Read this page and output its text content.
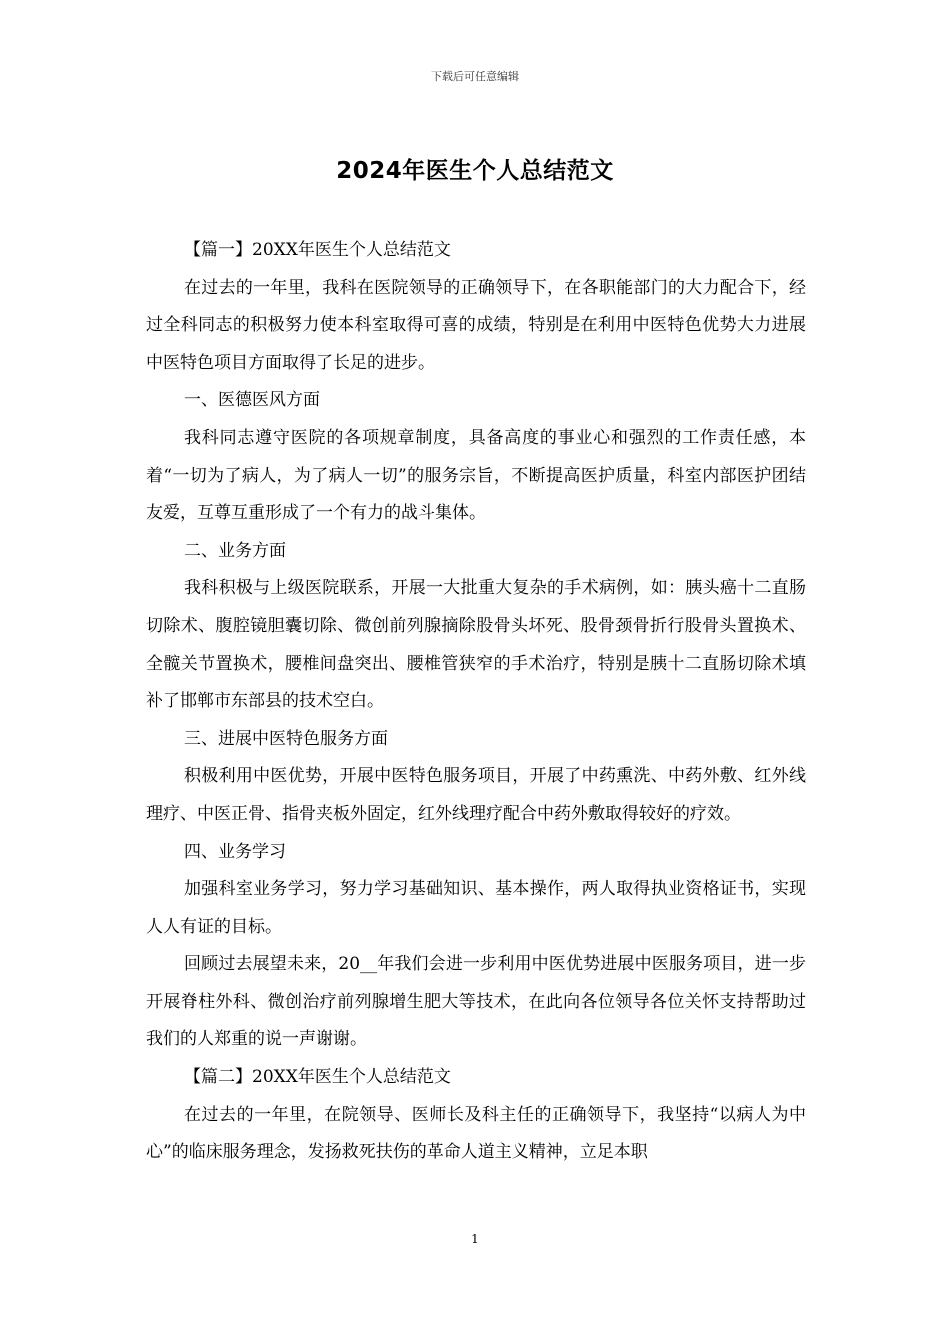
下载后可任意编辑
2024年医生个人总结范文

【篇一】20XX年医生个人总结范文

在过去的一年里，我科在医院领导的正确领导下，在各职能部门的大力配合下，经过全科同志的积极努力使本科室取得可喜的成绩，特别是在利用中医特色优势大力进展中医特色项目方面取得了长足的进步。

一、医德医风方面

我科同志遵守医院的各项规章制度，具备高度的事业心和强烈的工作责任感，本着“一切为了病人，为了病人一切”的服务宗旨，不断提高医护质量，科室内部医护团结友爱，互尊互重形成了一个有力的战斗集体。

二、业务方面

我科积极与上级医院联系，开展一大批重大复杂的手术病例，如：胰头癌十二直肠切除术、腹腔镜胆囊切除、微创前列腺摘除股骨头坏死、股骨颈骨折行股骨头置换术、全髋关节置换术，腰椎间盘突出、腰椎管狭窄的手术治疗，特别是胰十二直肠切除术填补了邯郸市东部县的技术空白。

三、进展中医特色服务方面

积极利用中医优势，开展中医特色服务项目，开展了中药熏洗、中药外敷、红外线理疗、中医正骨、指骨夹板外固定，红外线理疗配合中药外敷取得较好的疗效。

四、业务学习

加强科室业务学习，努力学习基础知识、基本操作，两人取得执业资格证书，实现人人有证的目标。

回顾过去展望未来，20__年我们会进一步利用中医优势进展中医服务项目，进一步开展脊柱外科、微创治疗前列腺增生肥大等技术，在此向各位领导各位关怀支持帮助过我们的人郑重的说一声谢谢。

【篇二】20XX年医生个人总结范文

在过去的一年里，在院领导、医师长及科主任的正确领导下，我坚持“以病人为中心”的临床服务理念，发扬救死扶伤的革命人道主义精神，立足本职

1
